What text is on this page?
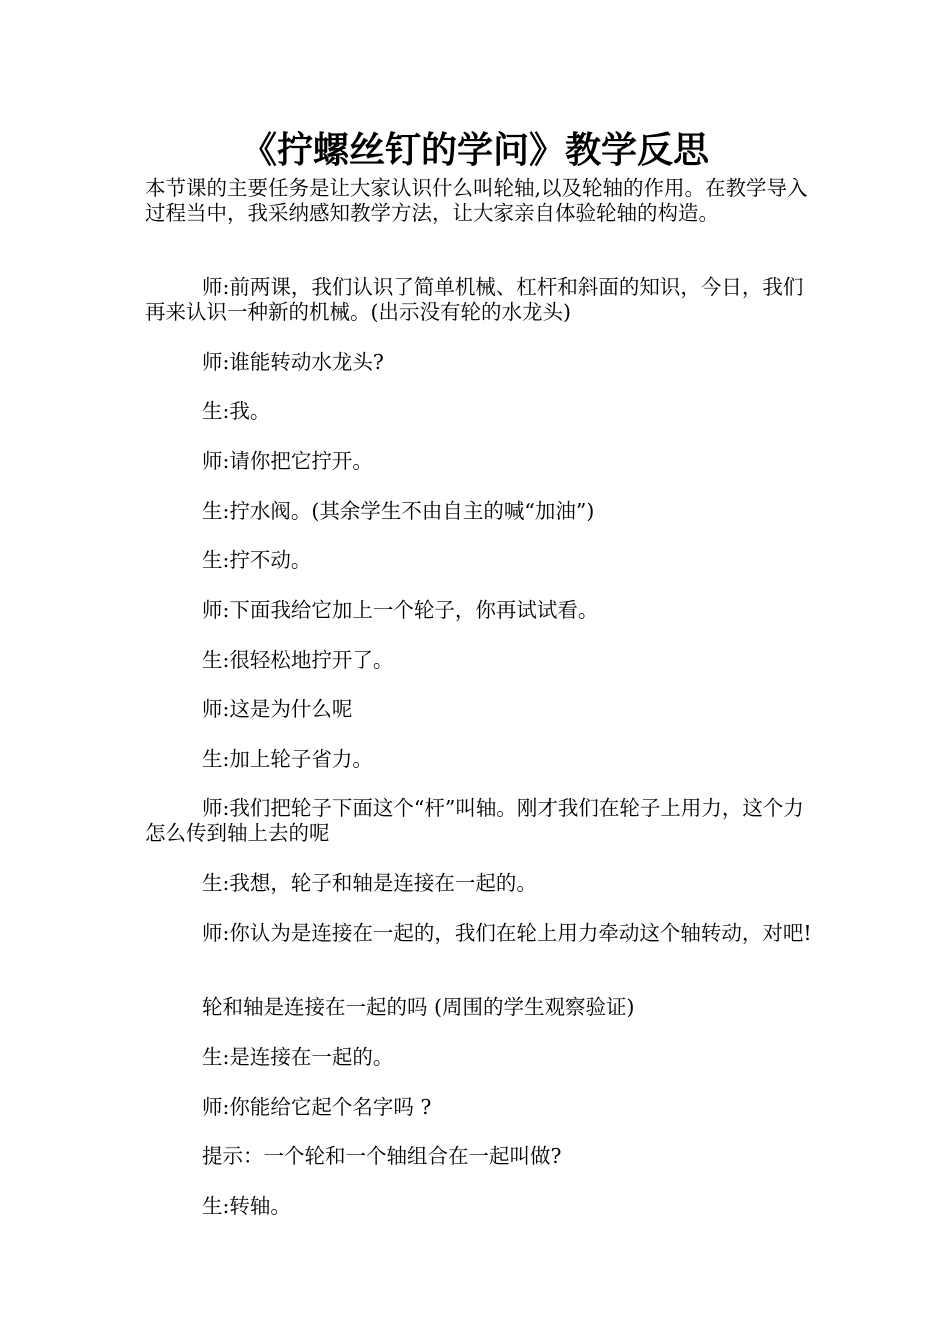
《拧螺丝钉的学问》教学反思

本节课的主要任务是让大家认识什么叫轮轴,以及轮轴的作用。在教学导入过程当中，我采纳感知教学方法，让大家亲自体验轮轴的构造。

师:前两课，我们认识了简单机械、杠杆和斜面的知识，今日，我们再来认识一种新的机械。(出示没有轮的水龙头)

师:谁能转动水龙头?

生:我。

师:请你把它拧开。

生:拧水阀。(其余学生不由自主的喊“加油”)

生:拧不动。

师:下面我给它加上一个轮子，你再试试看。

生:很轻松地拧开了。

师:这是为什么呢

生:加上轮子省力。

师:我们把轮子下面这个“杆”叫轴。刚才我们在轮子上用力，这个力怎么传到轴上去的呢

生:我想，轮子和轴是连接在一起的。

师:你认为是连接在一起的，我们在轮上用力牵动这个轴转动，对吧!

轮和轴是连接在一起的吗 (周围的学生观察验证)

生:是连接在一起的。

师:你能给它起个名字吗 ?

提示：一个轮和一个轴组合在一起叫做?

生:转轴。
